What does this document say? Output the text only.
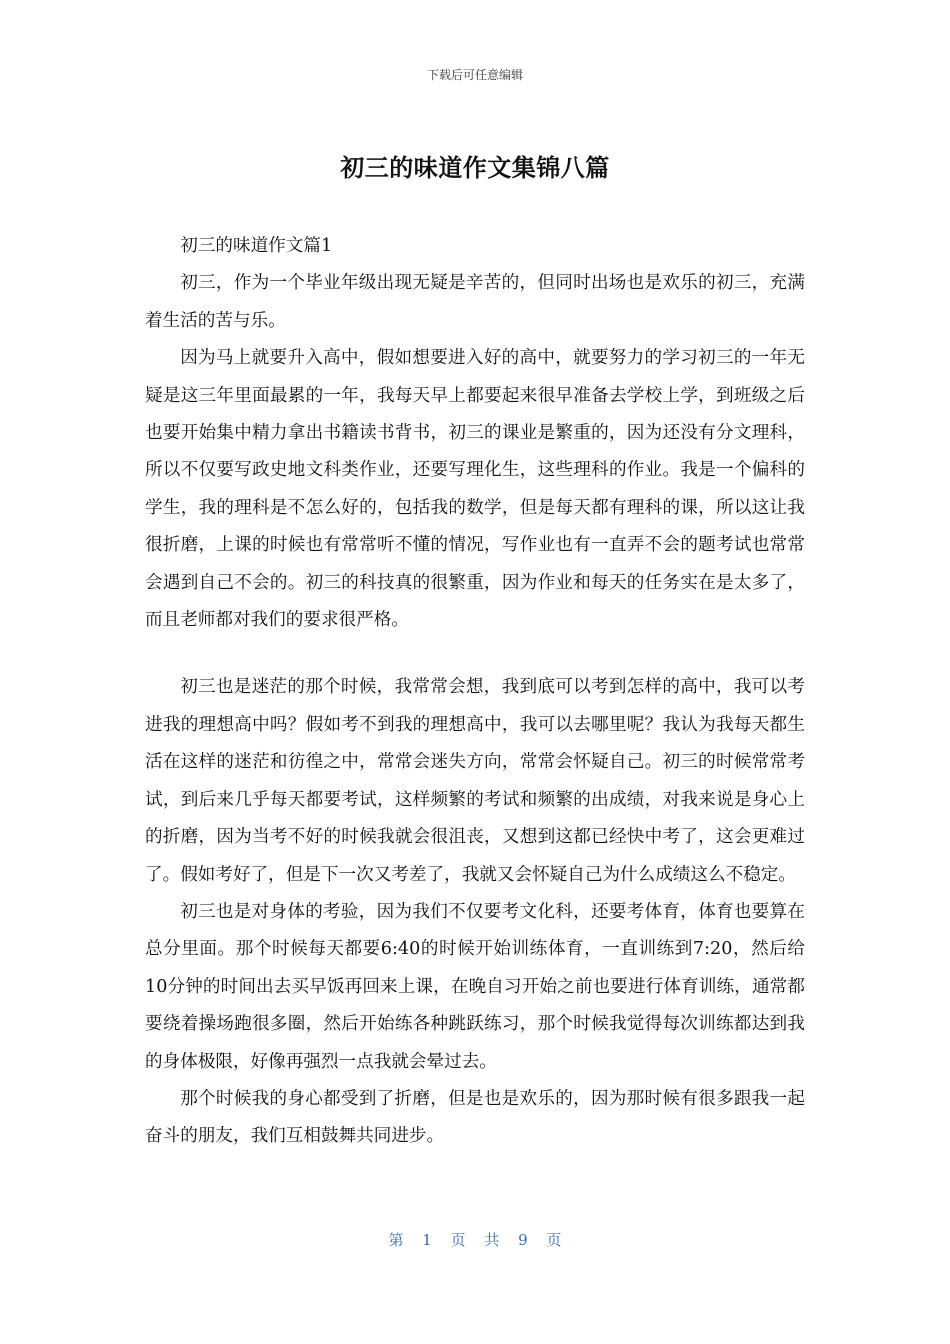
下载后可任意编辑
初三的味道作文集锦八篇

初三的味道作文篇1

初三，作为一个毕业年级出现无疑是辛苦的，但同时出场也是欢乐的初三，充满着生活的苦与乐。

因为马上就要升入高中，假如想要进入好的高中，就要努力的学习初三的一年无疑是这三年里面最累的一年，我每天早上都要起来很早准备去学校上学，到班级之后也要开始集中精力拿出书籍读书背书，初三的课业是繁重的，因为还没有分文理科，所以不仅要写政史地文科类作业，还要写理化生，这些理科的作业。我是一个偏科的学生，我的理科是不怎么好的，包括我的数学，但是每天都有理科的课，所以这让我很折磨，上课的时候也有常常听不懂的情况，写作业也有一直弄不会的题考试也常常会遇到自己不会的。初三的科技真的很繁重，因为作业和每天的任务实在是太多了，而且老师都对我们的要求很严格。

初三也是迷茫的那个时候，我常常会想，我到底可以考到怎样的高中，我可以考进我的理想高中吗？假如考不到我的理想高中，我可以去哪里呢？我认为我每天都生活在这样的迷茫和彷徨之中，常常会迷失方向，常常会怀疑自己。初三的时候常常考试，到后来几乎每天都要考试，这样频繁的考试和频繁的出成绩，对我来说是身心上的折磨，因为当考不好的时候我就会很沮丧，又想到这都已经快中考了，这会更难过了。假如考好了，但是下一次又考差了，我就又会怀疑自己为什么成绩这么不稳定。

初三也是对身体的考验，因为我们不仅要考文化科，还要考体育，体育也要算在总分里面。那个时候每天都要6:40的时候开始训练体育，一直训练到7:20，然后给10分钟的时间出去买早饭再回来上课，在晚自习开始之前也要进行体育训练，通常都要绕着操场跑很多圈，然后开始练各种跳跃练习，那个时候我觉得每次训练都达到我的身体极限，好像再强烈一点我就会晕过去。

那个时候我的身心都受到了折磨，但是也是欢乐的，因为那时候有很多跟我一起奋斗的朋友，我们互相鼓舞共同进步。

第 1 页 共 9 页
